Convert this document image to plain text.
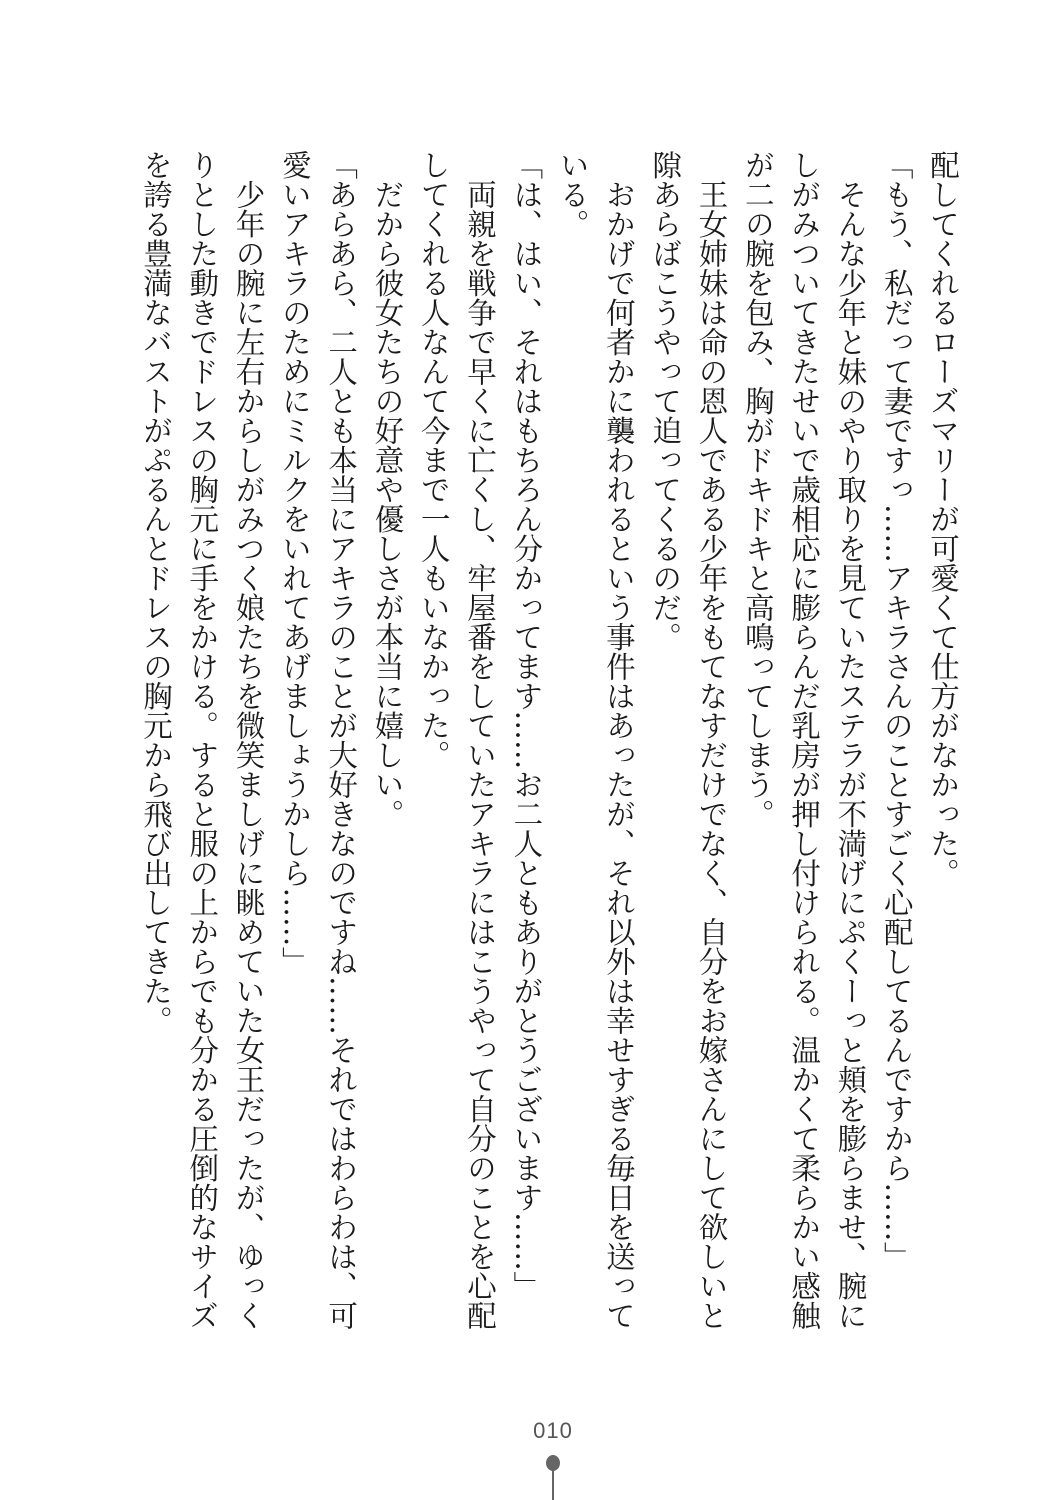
配してくれるローズマリーが可愛くて仕方がなかった。
「もう、私だって妻ですっ……アキラさんのことすごく心配してるんですから……」
　そんな少年と妹のやり取りを見ていたステラが不満げにぷくーっと頬を膨らませ、腕に
しがみついてきたせいで歳相応に膨らんだ乳房が押し付けられる。温かくて柔らかい感触
が二の腕を包み、胸がドキドキと高鳴ってしまう。
　王女姉妹は命の恩人である少年をもてなすだけでなく、自分をお嫁さんにして欲しいと
隙あらばこうやって迫ってくるのだ。
　おかげで何者かに襲われるという事件はあったが、それ以外は幸せすぎる毎日を送って
いる。
「は、はい、それはもちろん分かってます……お二人ともありがとうございます……」
　両親を戦争で早くに亡くし、牢屋番をしていたアキラにはこうやって自分のことを心配
してくれる人なんて今まで一人もいなかった。
　だから彼女たちの好意や優しさが本当に嬉しい。
「あらあら、二人とも本当にアキラのことが大好きなのですね……それではわらわは、可
愛いアキラのためにミルクをいれてあげましょうかしら……」
　少年の腕に左右からしがみつく娘たちを微笑ましげに眺めていた女王だったが、ゆっく
りとした動きでドレスの胸元に手をかける。すると服の上からでも分かる圧倒的なサイズ
を誇る豊満なバストがぷるんとドレスの胸元から飛び出してきた。
010
